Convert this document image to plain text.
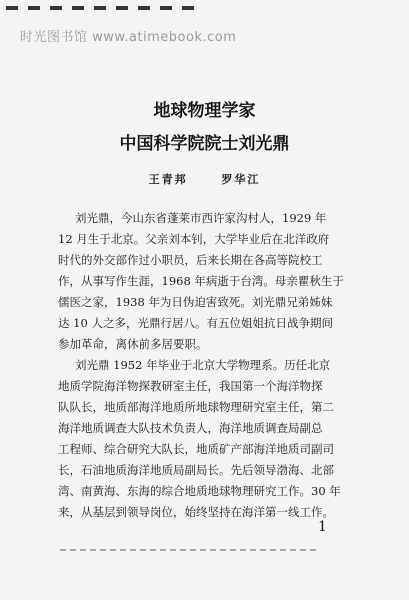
时光图书馆 www.atimebook.com
地球物理学家
中国科学院院士刘光鼎
王青邦	罗华江
刘光鼎，今山东省蓬莱市西许家沟村人，1929 年
12 月生于北京。父亲刘本钊，大学毕业后在北洋政府
时代的外交部作过小职员，后来长期在各高等院校工
作，从事写作生涯，1968 年病逝于台湾。母亲瞿秋生于
儒医之家，1938 年为日伪迫害致死。刘光鼎兄弟姊妹
达 10 人之多，光鼎行居八。有五位姐姐抗日战争期间
参加革命，离休前多居要职。
刘光鼎 1952 年毕业于北京大学物理系。历任北京
地质学院海洋物探教研室主任，我国第一个海洋物探
队队长，地质部海洋地质所地球物理研究室主任，第二
海洋地质调查大队技术负责人，海洋地质调查局副总
工程师、综合研究大队长，地质矿产部海洋地质司副司
长，石油地质海洋地质局副局长。先后领导渤海、北部
湾、南黄海、东海的综合地质地球物理研究工作。30 年
来，从基层到领导岗位，始终坚持在海洋第一线工作。
1
